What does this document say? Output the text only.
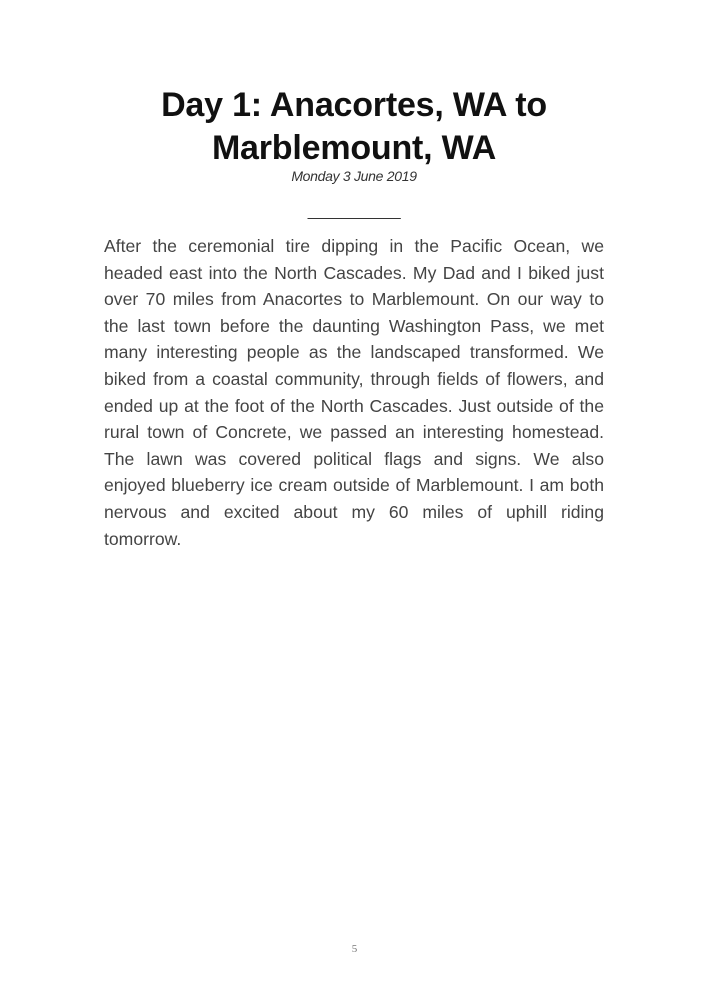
Day 1: Anacortes, WA to Marblemount, WA
Monday 3 June 2019
___________

After the ceremonial tire dipping in the Pacific Ocean, we headed east into the North Cascades. My Dad and I biked just over 70 miles from Anacortes to Marblemount. On our way to the last town before the daunting Washington Pass, we met many interesting people as the landscaped transformed. We biked from a coastal community, through fields of flowers, and ended up at the foot of the North Cascades. Just outside of the rural town of Concrete, we passed an interesting homestead. The lawn was covered political flags and signs. We also enjoyed blueberry ice cream outside of Marblemount. I am both nervous and excited about my 60 miles of uphill riding tomorrow.

5
